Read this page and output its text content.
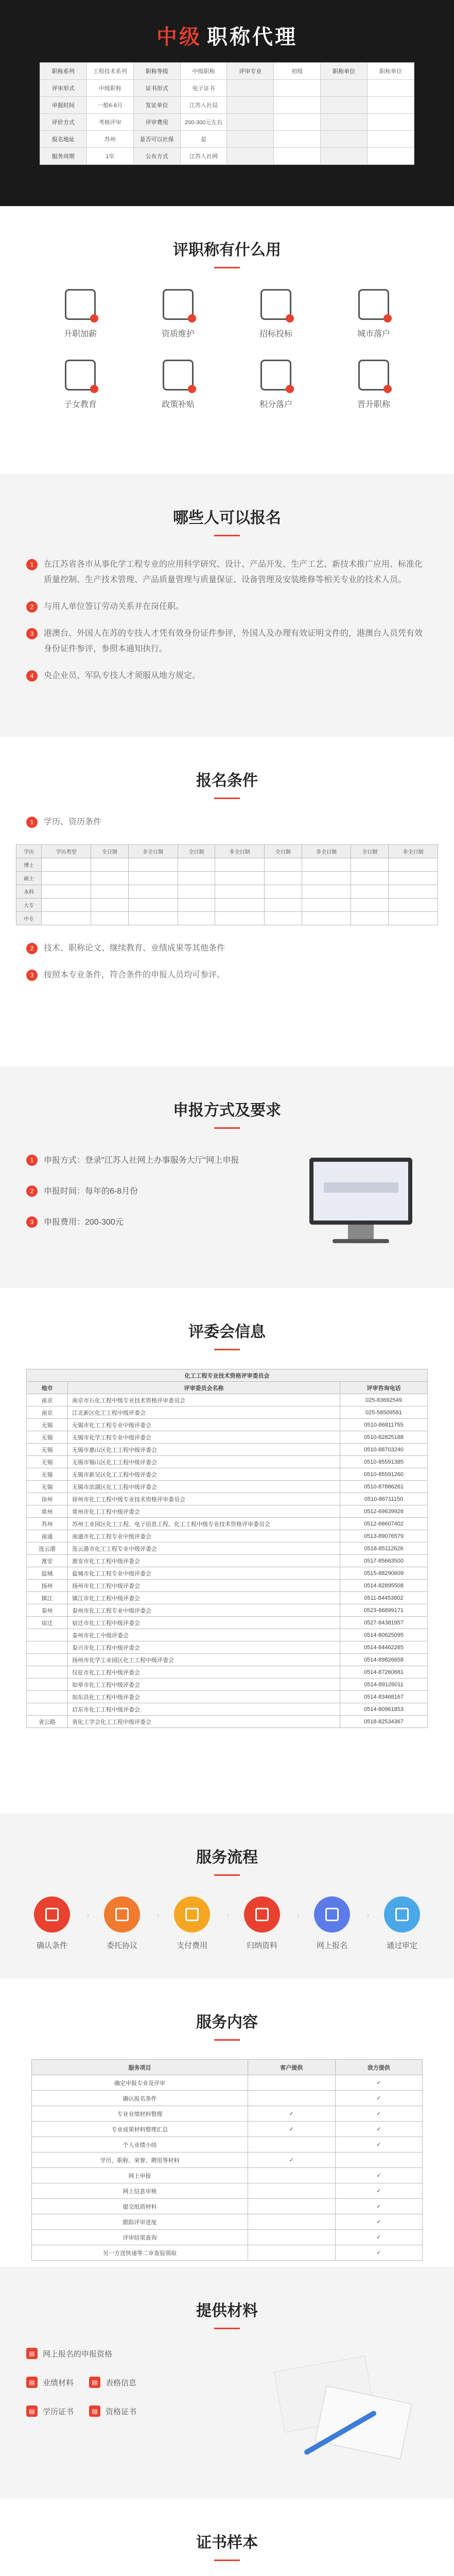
中级 职称代理
职称系列	工程技术系列	职称等级	中级职称	评审专业	初级	职称单位	职称单位
评审形式	中级职称	证书形式	电子证书				
申报时间	一般6-8月	发证单位	江苏人社局				
评价方式	考核评审	评审费用	200-300元左右				
报名地址	苏州	是否可以社保	是				
服务周期	1年	公布方式	江苏人社网				
评职称有什么用
升职加薪	资质维护	招标投标	城市落户
子女教育	政策补贴	积分落户	晋升职称
哪些人可以报名
1	在江苏省各市从事化学工程专业的应用科学研究、设计、产品开发、生产工艺、新技术推广应用、标准化质量控制、生产技术管理、产品质量管理与质量保证、设备管理及安装维修等相关专业的技术人员。
2	与用人单位签订劳动关系并在岗任职。
3	港澳台、外国人在苏的专技人才凭有效身份证件参评，外国人及办理有效证明文件的，港澳台人员凭有效身份证件参评，参照本通知执行。
4	央企业员、军队专技人才须服从地方规定。
报名条件
1	学历、资历条件
学历	学历类型	全日制	非全日制	全日制	非全日制	全日制	非全日制	全日制	非全日制
博士									
硕士									
本科									
大专									
中专									
2	技术、职称论文、继续教育、业绩成果等其他条件
3	按照本专业条件，符合条件的申报人员均可参评。
申报方式及要求
1	申报方式：登录"江苏人社网上办事服务大厅"网上申报
2	申报时间：每年的6-8月份
3	申报费用：200-300元
评委会信息
化工工程专业技术资格评审委员会		
地市	评审委员会名称	评审咨询电话
南京	南京市石化工程中级专业技术资格评审委员会	025-83692549
南京	江北新区化工工程中级评委会	025-58509581
无锡	无锡市化工工程专业中级评委会	0510-86811755
无锡	无锡市化学工程专业中级评委会	0510-82825188
无锡	无锡市惠山区化工工程中级评委会	0510-88703240
无锡	无锡市锡山区化工工程中级评委会	0510-85591385
无锡	无锡市新吴区化工工程中级评委会	0510-85591260
无锡	无锡市滨湖区化工工程中级评委会	0510-87886261
徐州	徐州市化工工程中级专业技术资格评审委员会	0510-86711150
常州	常州市化工工程中级评委会	0512-69639926
苏州	苏州工业园区化工工程、电子信息工程、化工工程中级专业技术资格评审委员会	0512-66607402
南通	南通市化工工程专业中级评委会	0513-89076579
连云港	连云港市化工工程专业中级评委会	0518-85112626
淮安	淮安市化工工程中级评委会	0517-85663500
盐城	盐城市化工工程专业中级评委会	0515-88290609
扬州	扬州市化工工程中级评委会	0514-82895508
镇江	镇江市化工工程中级评委会	0511-84453802
泰州	泰州市化工工程专业中级评委会	0523-86899171
宿迁	宿迁市化工工程中级评委会	0527-84381957
	泰州市化工中级评委会	0514-80625095
	泰兴市化工工程中级评委会	0514-84462265
	扬州市化学工业园区化工工程中级评委会	0514-89826658
	仪征市化工工程中级评委会	0514-87260681
	如皋市化工工程中级评委会	0514-89126011
	如东县化工工程中级评委会	0514-83468167
	启东市化工工程中级评委会	0514-80961853
省公路	省化工学会化工工程中级评委会	0518-82534367
服务流程
确认条件
›
委托协议
›
支付费用
›
归纳资料
›
网上报名
›
通过审定
服务内容
服务项目	客户提供	我方提供
确定申报专业及评审		✓
确认报名条件		✓
专业业绩材料整理	✓	✓
专业成果材料整理汇总	✓	✓
个人业绩小结		✓
学历、职称、荣誉、聘用等材料	✓	
网上申报		✓
网上信息审核		✓
提交纸质材料		✓
跟踪评审进度		✓
评审结果查询		✓
另一方送快递等二审查验领取		✓
提供材料
▤	网上报名的申报资格
▤	业绩材料	▤	表格信息
▤	学历证书	▤	资格证书
证书样本
